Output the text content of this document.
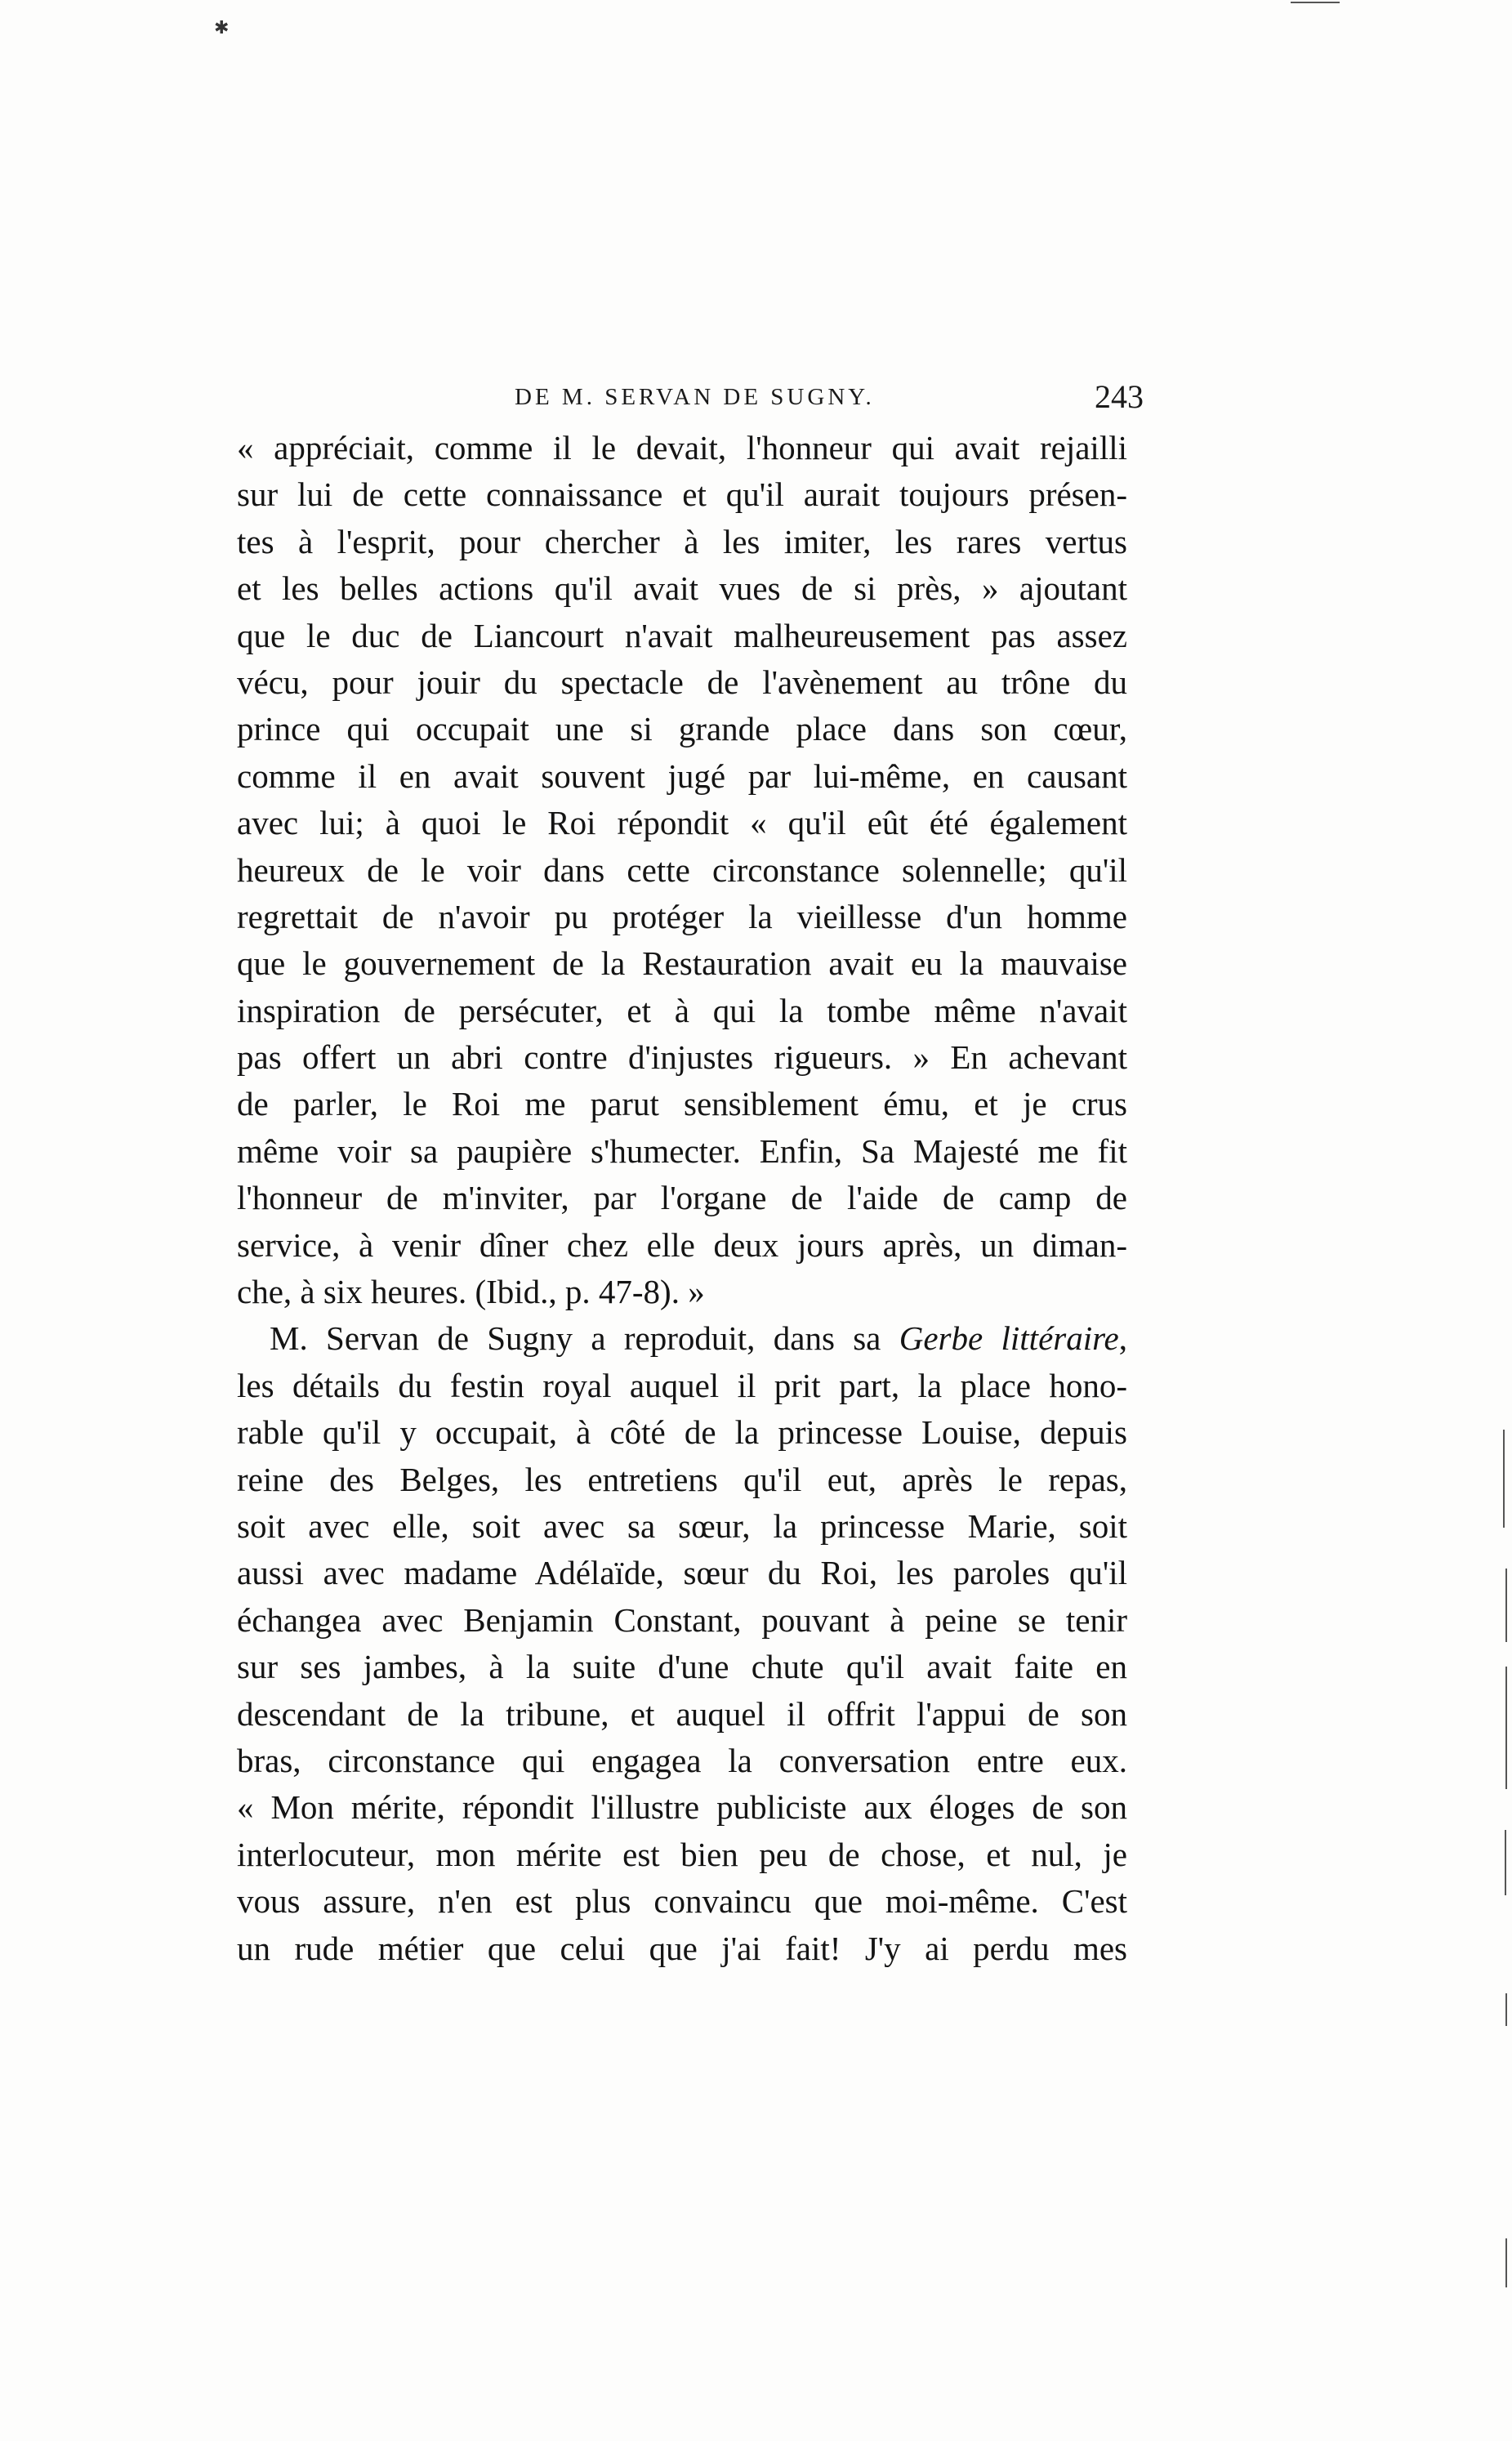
✱
DE M. SERVAN DE SUGNY.	243
« appréciait, comme il le devait, l'honneur qui avait rejailli
sur lui de cette connaissance et qu'il aurait toujours présen-
tes à l'esprit, pour chercher à les imiter, les rares vertus
et les belles actions qu'il avait vues de si près, » ajoutant
que le duc de Liancourt n'avait malheureusement pas assez
vécu, pour jouir du spectacle de l'avènement au trône du
prince qui occupait une si grande place dans son cœur,
comme il en avait souvent jugé par lui-même, en causant
avec lui; à quoi le Roi répondit « qu'il eût été également
heureux de le voir dans cette circonstance solennelle; qu'il
regrettait de n'avoir pu protéger la vieillesse d'un homme
que le gouvernement de la Restauration avait eu la mauvaise
inspiration de persécuter, et à qui la tombe même n'avait
pas offert un abri contre d'injustes rigueurs. » En achevant
de parler, le Roi me parut sensiblement ému, et je crus
même voir sa paupière s'humecter. Enfin, Sa Majesté me fit
l'honneur de m'inviter, par l'organe de l'aide de camp de
service, à venir dîner chez elle deux jours après, un diman-
che, à six heures. (Ibid., p. 47-8). »
M. Servan de Sugny a reproduit, dans sa Gerbe littéraire,
les détails du festin royal auquel il prit part, la place hono-
rable qu'il y occupait, à côté de la princesse Louise, depuis
reine des Belges, les entretiens qu'il eut, après le repas,
soit avec elle, soit avec sa sœur, la princesse Marie, soit
aussi avec madame Adélaïde, sœur du Roi, les paroles qu'il
échangea avec Benjamin Constant, pouvant à peine se tenir
sur ses jambes, à la suite d'une chute qu'il avait faite en
descendant de la tribune, et auquel il offrit l'appui de son
bras, circonstance qui engagea la conversation entre eux.
« Mon mérite, répondit l'illustre publiciste aux éloges de son
interlocuteur, mon mérite est bien peu de chose, et nul, je
vous assure, n'en est plus convaincu que moi-même. C'est
un rude métier que celui que j'ai fait! J'y ai perdu mes
